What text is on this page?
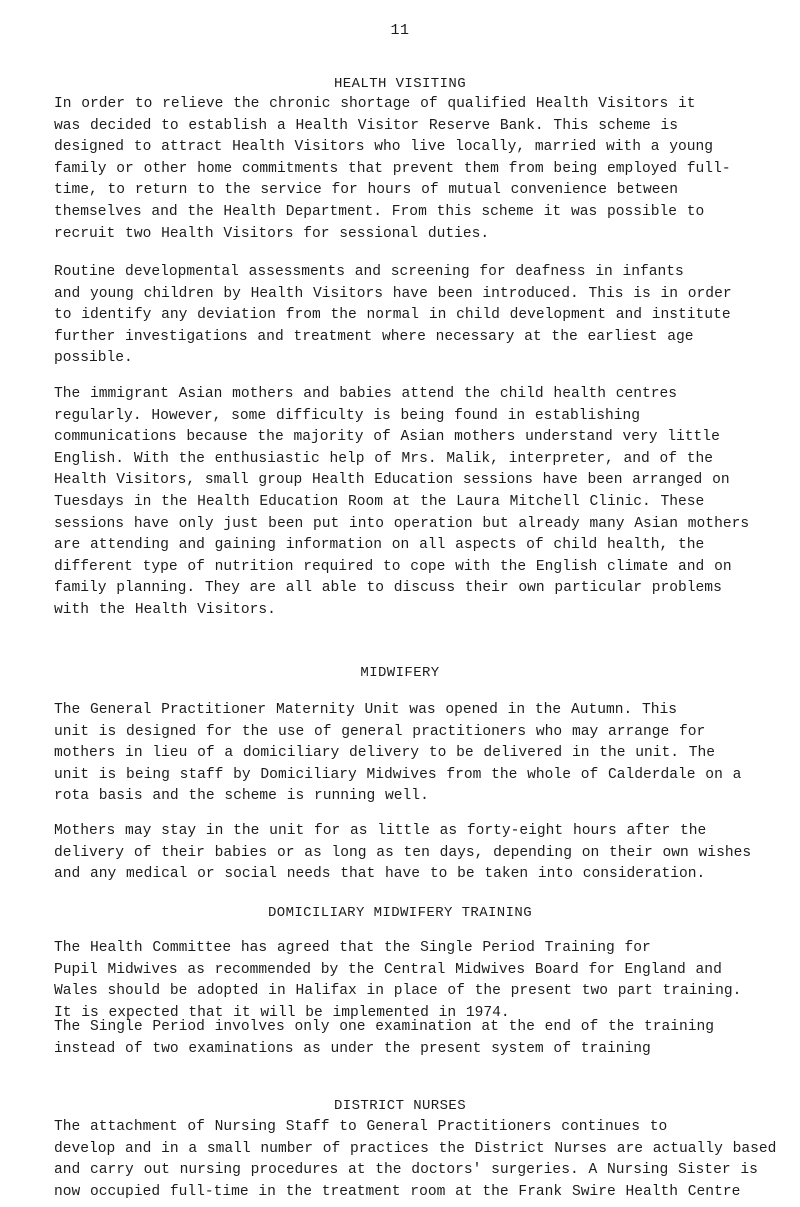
11
HEALTH VISITING
In order to relieve the chronic shortage of qualified Health Visitors it
was decided to establish a Health Visitor Reserve Bank. This scheme is
designed to attract Health Visitors who live locally, married with a young
family or other home commitments that prevent them from being employed full-
time, to return to the service for hours of mutual convenience between
themselves and the Health Department. From this scheme it was possible to
recruit two Health Visitors for sessional duties.
Routine developmental assessments and screening for deafness in infants
and young children by Health Visitors have been introduced. This is in order
to identify any deviation from the normal in child development and institute
further investigations and treatment where necessary at the earliest age
possible.
The immigrant Asian mothers and babies attend the child health centres
regularly. However, some difficulty is being found in establishing
communications because the majority of Asian mothers understand very little
English. With the enthusiastic help of Mrs. Malik, interpreter, and of the
Health Visitors, small group Health Education sessions have been arranged on
Tuesdays in the Health Education Room at the Laura Mitchell Clinic. These
sessions have only just been put into operation but already many Asian mothers
are attending and gaining information on all aspects of child health, the
different type of nutrition required to cope with the English climate and on
family planning. They are all able to discuss their own particular problems
with the Health Visitors.
MIDWIFERY
The General Practitioner Maternity Unit was opened in the Autumn. This
unit is designed for the use of general practitioners who may arrange for
mothers in lieu of a domiciliary delivery to be delivered in the unit. The
unit is being staff by Domiciliary Midwives from the whole of Calderdale on a
rota basis and the scheme is running well.
Mothers may stay in the unit for as little as forty-eight hours after the
delivery of their babies or as long as ten days, depending on their own wishes
and any medical or social needs that have to be taken into consideration.
DOMICILIARY MIDWIFERY TRAINING
The Health Committee has agreed that the Single Period Training for
Pupil Midwives as recommended by the Central Midwives Board for England and
Wales should be adopted in Halifax in place of the present two part training.
It is expected that it will be implemented in 1974.
The Single Period involves only one examination at the end of the training
instead of two examinations as under the present system of training
DISTRICT NURSES
The attachment of Nursing Staff to General Practitioners continues to
develop and in a small number of practices the District Nurses are actually based
and carry out nursing procedures at the doctors' surgeries. A Nursing Sister is
now occupied full-time in the treatment room at the Frank Swire Health Centre
